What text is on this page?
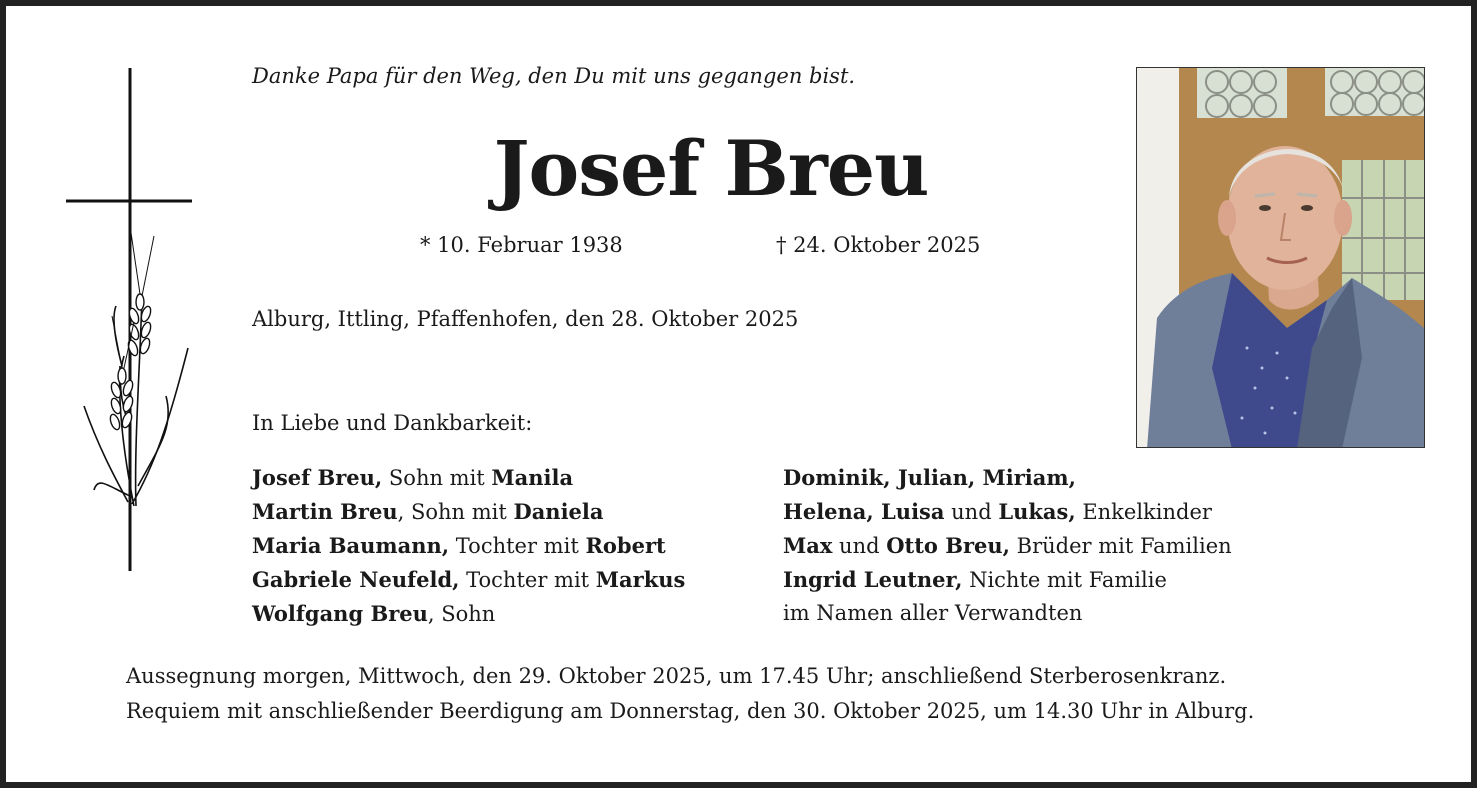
Danke Papa für den Weg, den Du mit uns gegangen bist.
Josef Breu
* 10. Februar 1938	† 24. Oktober 2025
Alburg, Ittling, Pfaffenhofen, den 28. Oktober 2025
In Liebe und Dankbarkeit:
Josef Breu, Sohn mit Manila
Martin Breu, Sohn mit Daniela
Maria Baumann, Tochter mit Robert
Gabriele Neufeld, Tochter mit Markus
Wolfgang Breu, Sohn
Dominik, Julian, Miriam,
Helena, Luisa und Lukas, Enkelkinder
Max und Otto Breu, Brüder mit Familien
Ingrid Leutner, Nichte mit Familie
im Namen aller Verwandten
Aussegnung morgen, Mittwoch, den 29. Oktober 2025, um 17.45 Uhr; anschließend Sterberosenkranz.
Requiem mit anschließender Beerdigung am Donnerstag, den 30. Oktober 2025, um 14.30 Uhr in Alburg.
